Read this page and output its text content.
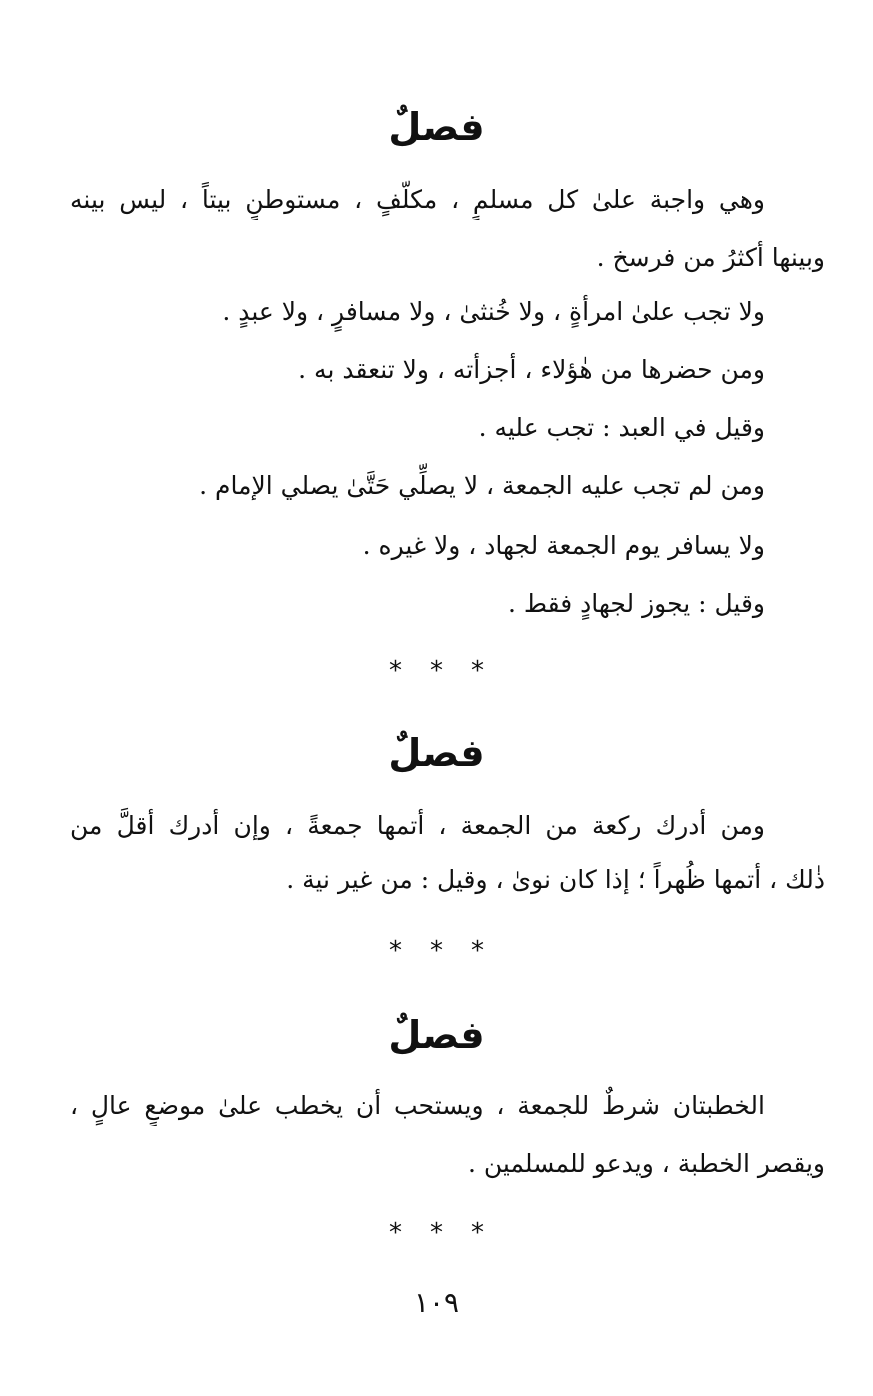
فصلٌ
وهي واجبة علىٰ كل مسلمٍ ، مكلّفٍ ، مستوطنٍ بيتاً ، ليس بينه
وبينها أكثرُ من فرسخ .
ولا تجب علىٰ امرأةٍ ، ولا خُنثىٰ ، ولا مسافرٍ ، ولا عبدٍ .
ومن حضرها من هٰؤلاء ، أجزأته ، ولا تنعقد به .
وقيل في العبد : تجب عليه .
ومن لم تجب عليه الجمعة ، لا يصلِّي حَتَّىٰ يصلي الإمام .
ولا يسافر يوم الجمعة لجهاد ، ولا غيره .
وقيل : يجوز لجهادٍ فقط .
* * *
فصلٌ
ومن أدرك ركعة من الجمعة ، أتمها جمعةً ، وإن أدرك أقلَّ من
ذٰلك ، أتمها ظُهراً ؛ إذا كان نوىٰ ، وقيل : من غير نية .
* * *
فصلٌ
الخطبتان شرطٌ للجمعة ، ويستحب أن يخطب علىٰ موضعٍ عالٍ ،
ويقصر الخطبة ، ويدعو للمسلمين .
* * *
١٠٩
